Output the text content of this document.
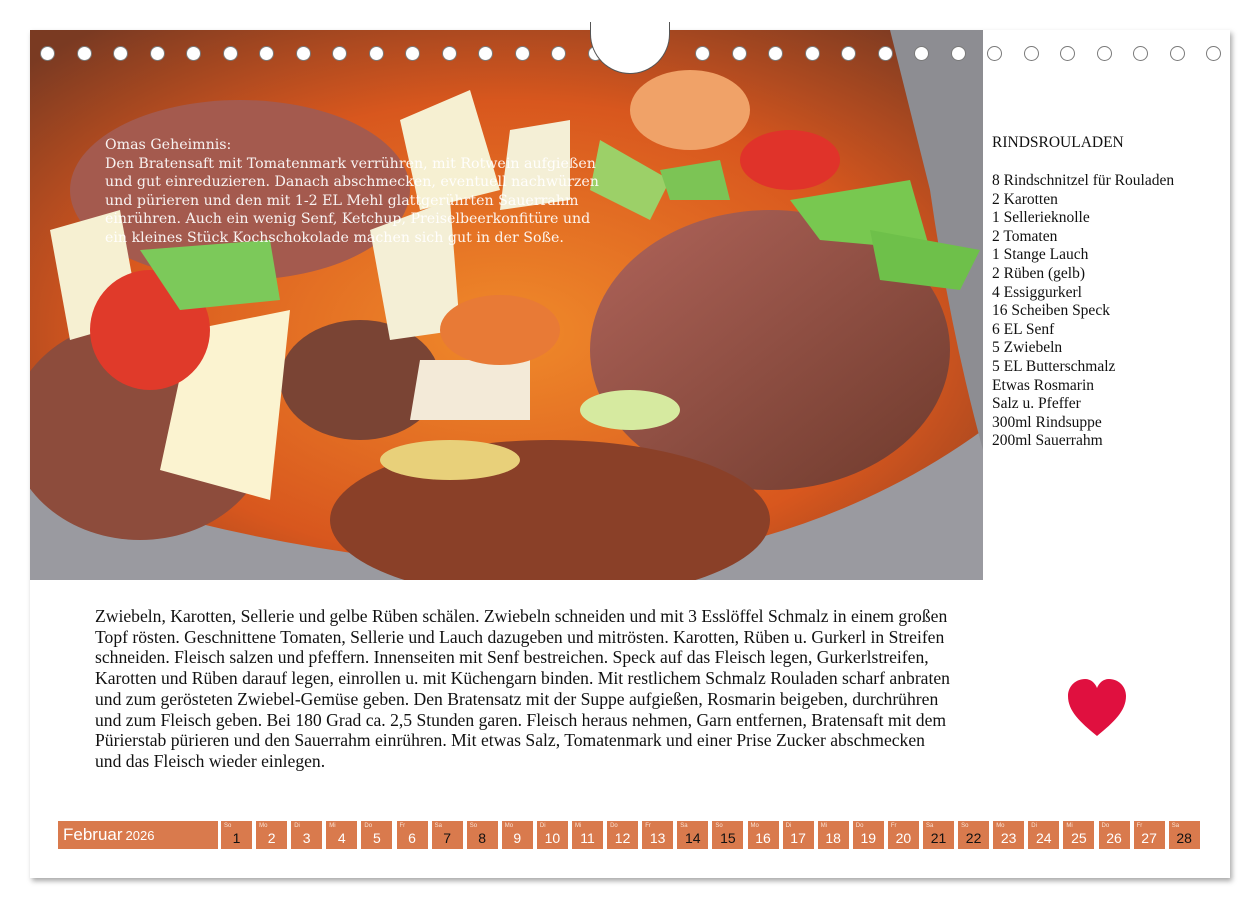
Omas Geheimnis:

Den Bratensaft mit Tomatenmark verrühren, mit Rotwein aufgießen und gut einreduzieren. Danach abschmecken, eventuell nachwürzen und pürieren und den mit 1-2 EL Mehl glattgerührten Sauerrahm einrühren. Auch ein wenig Senf, Ketchup, Preiselbeerkonfitüre und ein kleines Stück Kochschokolade machen sich gut in der Soße.

RINDSROULADEN
8 Rindschnitzel für Rouladen
2 Karotten
1 Sellerieknolle
2 Tomaten
1 Stange Lauch
2 Rüben (gelb)
4 Essiggurkerl
16 Scheiben Speck
6 EL Senf
5 Zwiebeln
5 EL Butterschmalz
Etwas Rosmarin
Salz u. Pfeffer
300ml Rindsuppe
200ml Sauerrahm

Zwiebeln, Karotten, Sellerie und gelbe Rüben schälen. Zwiebeln schneiden und mit 3 Esslöffel Schmalz in einem großen Topf rösten. Geschnittene Tomaten, Sellerie und Lauch dazugeben und mitrösten. Karotten, Rüben u. Gurkerl in Streifen schneiden. Fleisch salzen und pfeffern. Innenseiten mit Senf bestreichen. Speck auf das Fleisch legen, Gurkerlstreifen, Karotten und Rüben darauf legen, einrollen u. mit Küchengarn binden. Mit restlichem Schmalz Rouladen scharf anbraten und zum gerösteten Zwiebel-Gemüse geben. Den Bratensatz mit der Suppe aufgießen, Rosmarin beigeben, durchrühren und zum Fleisch geben. Bei 180 Grad ca. 2,5 Stunden garen. Fleisch heraus nehmen, Garn entfernen, Bratensaft mit dem Pürierstab pürieren und den Sauerrahm einrühren. Mit etwas Salz, Tomatenmark und einer Prise Zucker abschmecken und das Fleisch wieder einlegen.

Februar 2026
So
1
Mo
2
Di
3
Mi
4
Do
5
Fr
6
Sa
7
So
8
Mo
9
Di
10
Mi
11
Do
12
Fr
13
Sa
14
So
15
Mo
16
Di
17
Mi
18
Do
19
Fr
20
Sa
21
So
22
Mo
23
Di
24
Mi
25
Do
26
Fr
27
Sa
28
